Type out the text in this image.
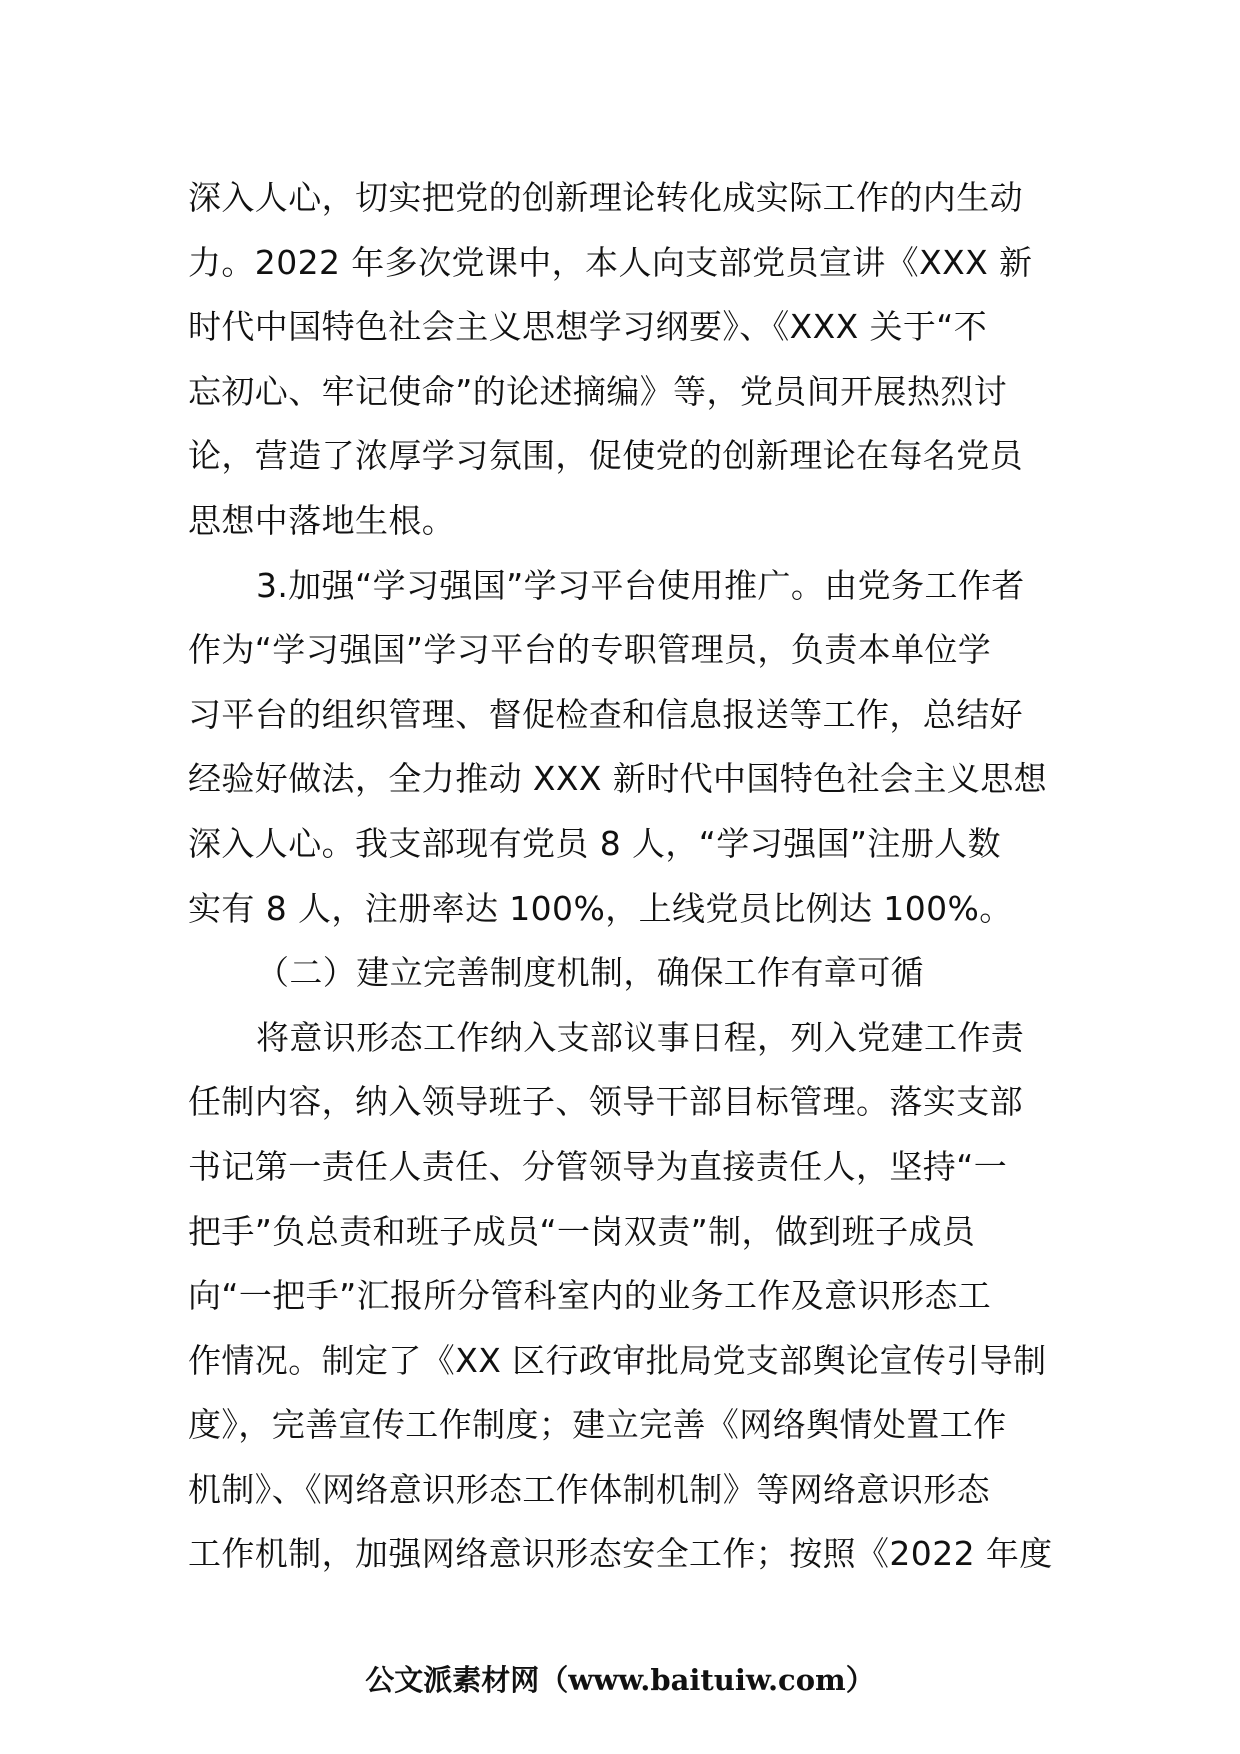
深入人心，切实把党的创新理论转化成实际工作的内生动
力。2022 年多次党课中，本人向支部党员宣讲《XXX 新
时代中国特色社会主义思想学习纲要》、《XXX 关于“不
忘初心、牢记使命”的论述摘编》等，党员间开展热烈讨
论，营造了浓厚学习氛围，促使党的创新理论在每名党员
思想中落地生根。
3.加强“学习强国”学习平台使用推广。由党务工作者
作为“学习强国”学习平台的专职管理员，负责本单位学
习平台的组织管理、督促检查和信息报送等工作，总结好
经验好做法，全力推动 XXX 新时代中国特色社会主义思想
深入人心。我支部现有党员 8 人，“学习强国”注册人数
实有 8 人，注册率达 100%，上线党员比例达 100%。
（二）建立完善制度机制，确保工作有章可循
将意识形态工作纳入支部议事日程，列入党建工作责
任制内容，纳入领导班子、领导干部目标管理。落实支部
书记第一责任人责任、分管领导为直接责任人，坚持“一
把手”负总责和班子成员“一岗双责”制，做到班子成员
向“一把手”汇报所分管科室内的业务工作及意识形态工
作情况。制定了《XX 区行政审批局党支部舆论宣传引导制
度》，完善宣传工作制度；建立完善《网络舆情处置工作
机制》、《网络意识形态工作体制机制》等网络意识形态
工作机制，加强网络意识形态安全工作；按照《2022 年度
公文派素材网（www.baituiw.com）
